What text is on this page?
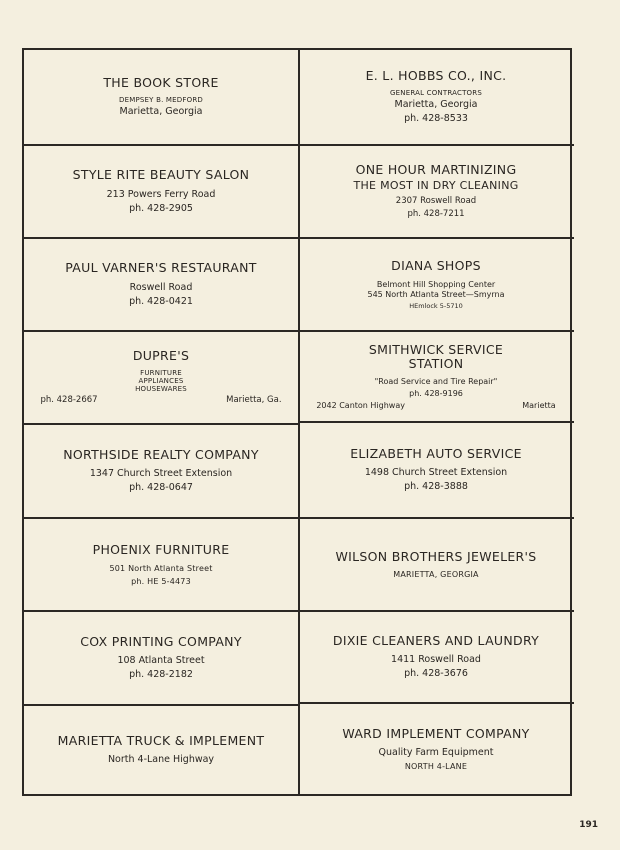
THE BOOK STORE
DEMPSEY B. MEDFORD
Marietta, Georgia
STYLE RITE BEAUTY SALON
213 Powers Ferry Road
ph. 428-2905
PAUL VARNER'S RESTAURANT
Roswell Road
ph. 428-0421
DUPRE'S
FURNITURE
APPLIANCES
HOUSEWARES
ph. 428-2667	Marietta, Ga.
NORTHSIDE REALTY COMPANY
1347 Church Street Extension
ph. 428-0647
PHOENIX FURNITURE
501 North Atlanta Street
ph. HE 5-4473
COX PRINTING COMPANY
108 Atlanta Street
ph. 428-2182
MARIETTA TRUCK & IMPLEMENT
North 4-Lane Highway
E. L. HOBBS CO., INC.
GENERAL CONTRACTORS
Marietta, Georgia
ph. 428-8533
ONE HOUR MARTINIZING
THE MOST IN DRY CLEANING
2307 Roswell Road
ph. 428-7211
DIANA SHOPS
Belmont Hill Shopping Center
545 North Atlanta Street—Smyrna
HEmlock 5-5710
SMITHWICK SERVICE
STATION
"Road Service and Tire Repair"
ph. 428-9196
2042 Canton Highway	Marietta
ELIZABETH AUTO SERVICE
1498 Church Street Extension
ph. 428-3888
WILSON BROTHERS JEWELER'S
MARIETTA, GEORGIA
DIXIE CLEANERS AND LAUNDRY
1411 Roswell Road
ph. 428-3676
WARD IMPLEMENT COMPANY
Quality Farm Equipment
NORTH 4-LANE
191
